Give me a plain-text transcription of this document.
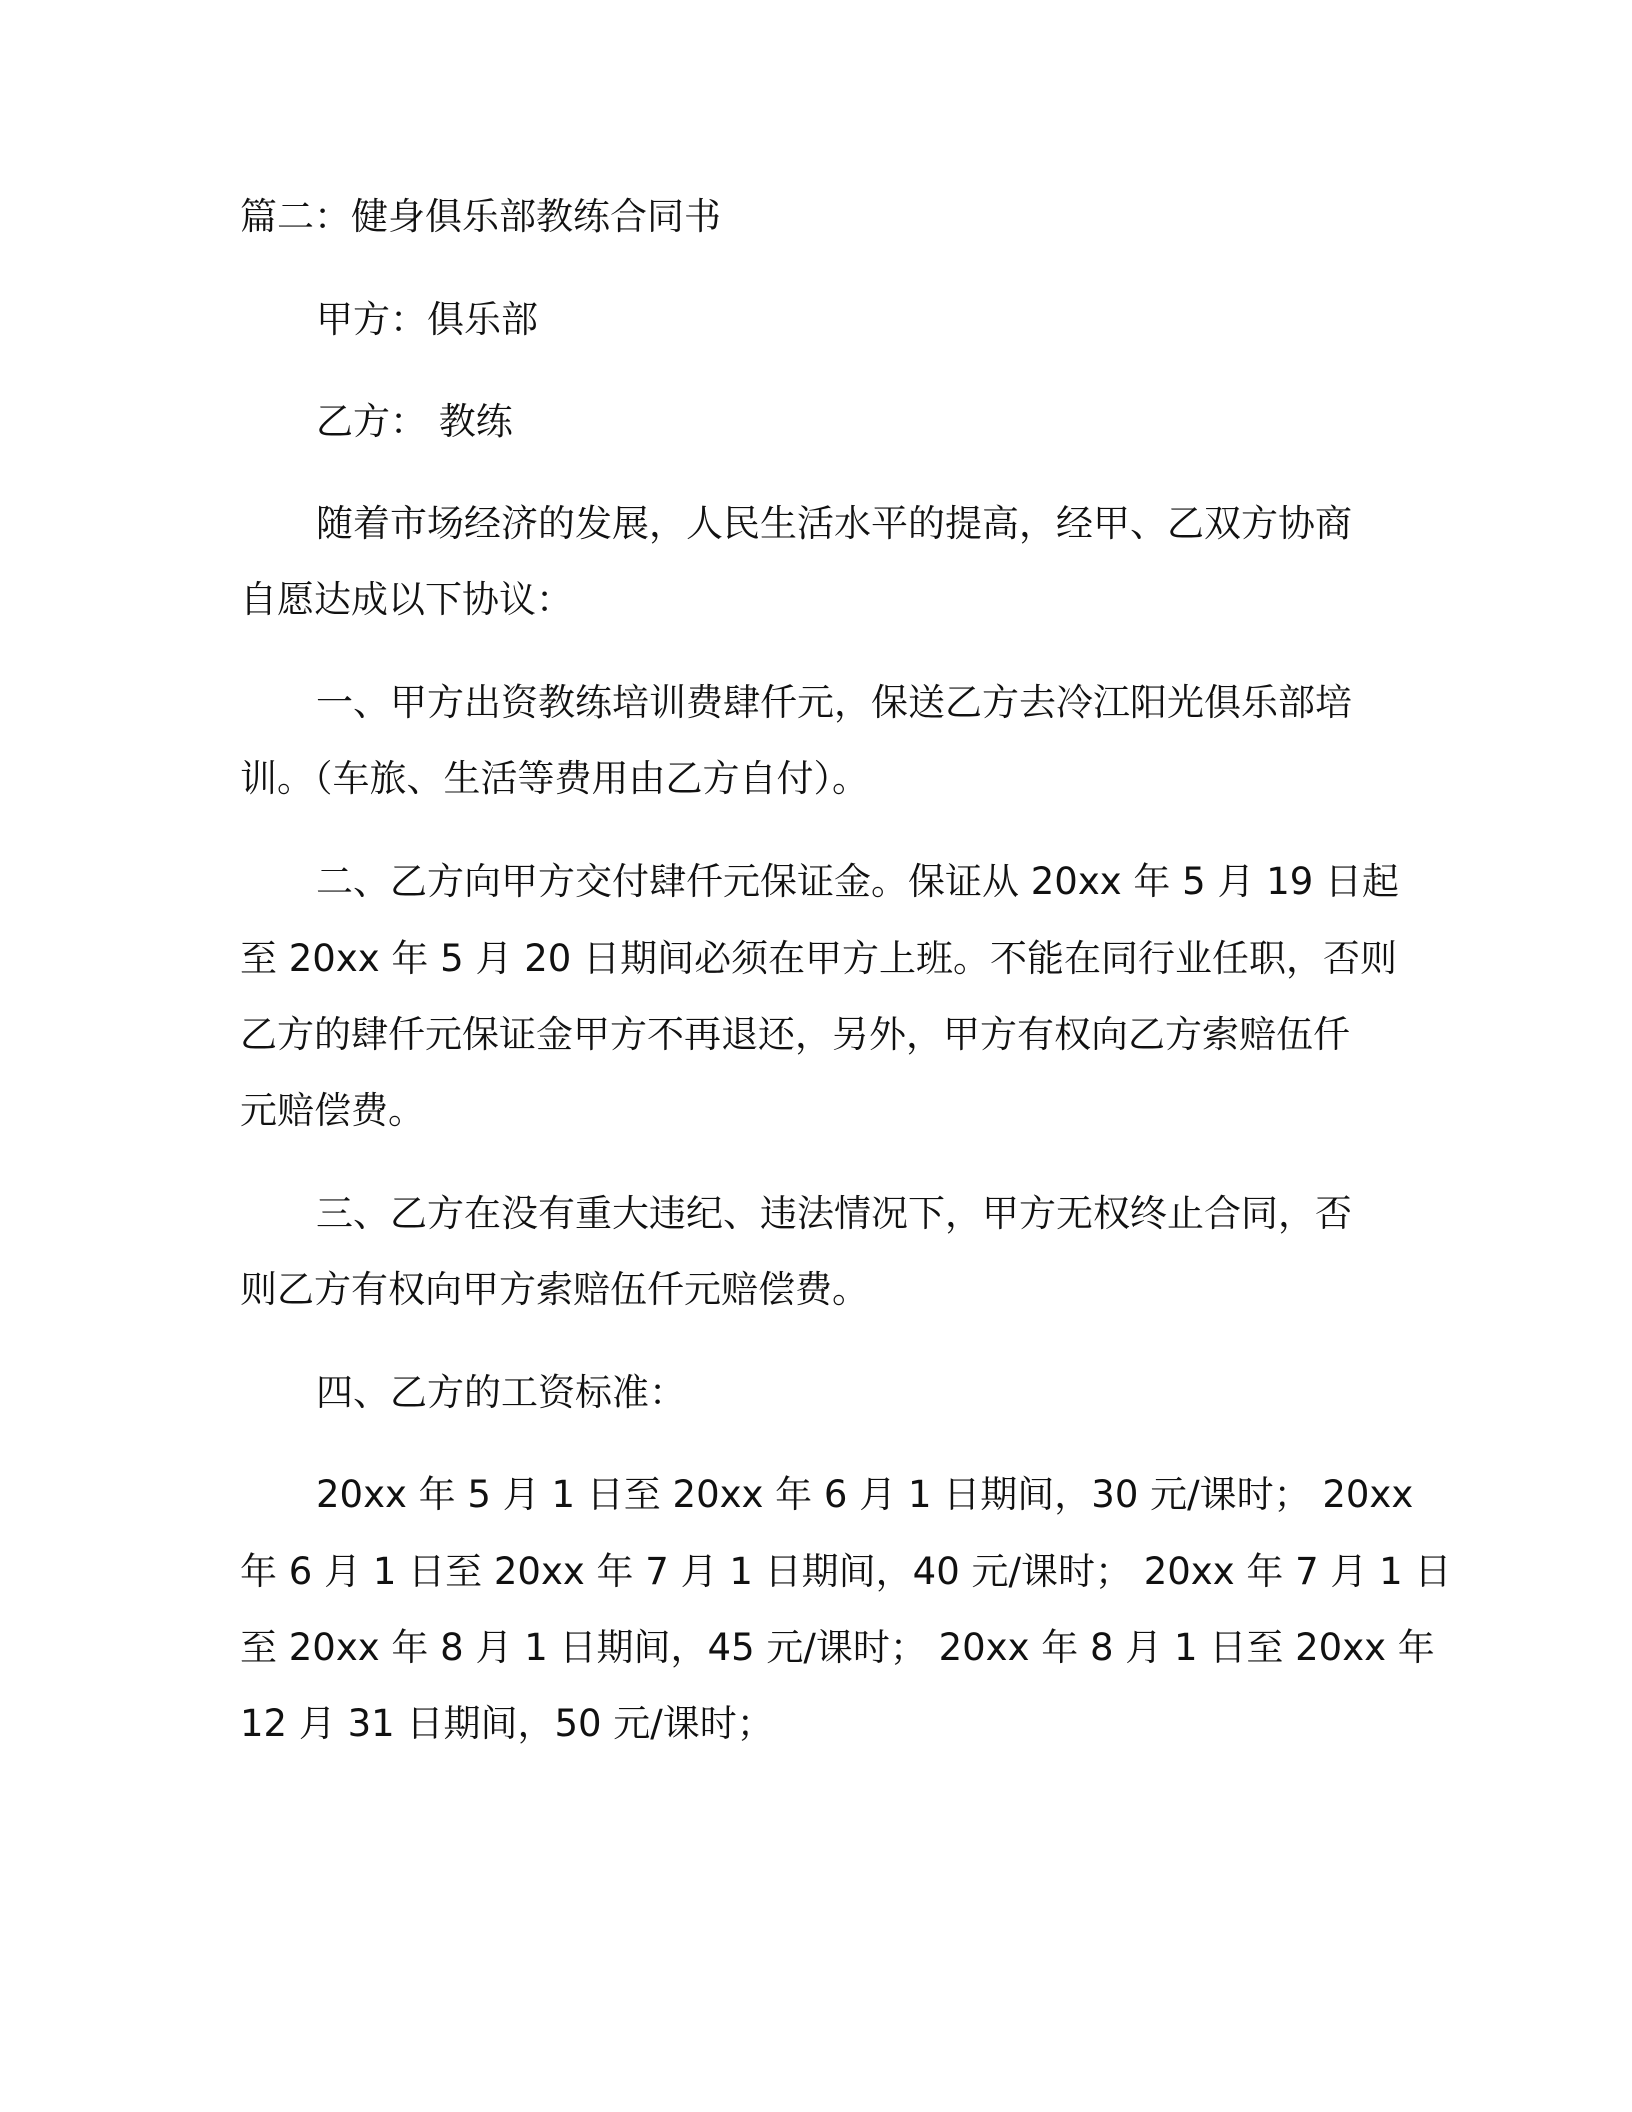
篇二：健身俱乐部教练合同书
甲方：俱乐部
乙方： 教练
随着市场经济的发展，人民生活水平的提高，经甲、乙双方协商
自愿达成以下协议：
一、甲方出资教练培训费肆仟元，保送乙方去冷江阳光俱乐部培
训。（车旅、生活等费用由乙方自付）。
二、乙方向甲方交付肆仟元保证金。保证从 20xx 年 5 月 19 日起
至 20xx 年 5 月 20 日期间必须在甲方上班。不能在同行业任职，否则
乙方的肆仟元保证金甲方不再退还，另外，甲方有权向乙方索赔伍仟
元赔偿费。
三、乙方在没有重大违纪、违法情况下，甲方无权终止合同，否
则乙方有权向甲方索赔伍仟元赔偿费。
四、乙方的工资标准：
20xx 年 5 月 1 日至 20xx 年 6 月 1 日期间，30 元/课时； 20xx
年 6 月 1 日至 20xx 年 7 月 1 日期间，40 元/课时； 20xx 年 7 月 1 日
至 20xx 年 8 月 1 日期间，45 元/课时； 20xx 年 8 月 1 日至 20xx 年
12 月 31 日期间，50 元/课时；
